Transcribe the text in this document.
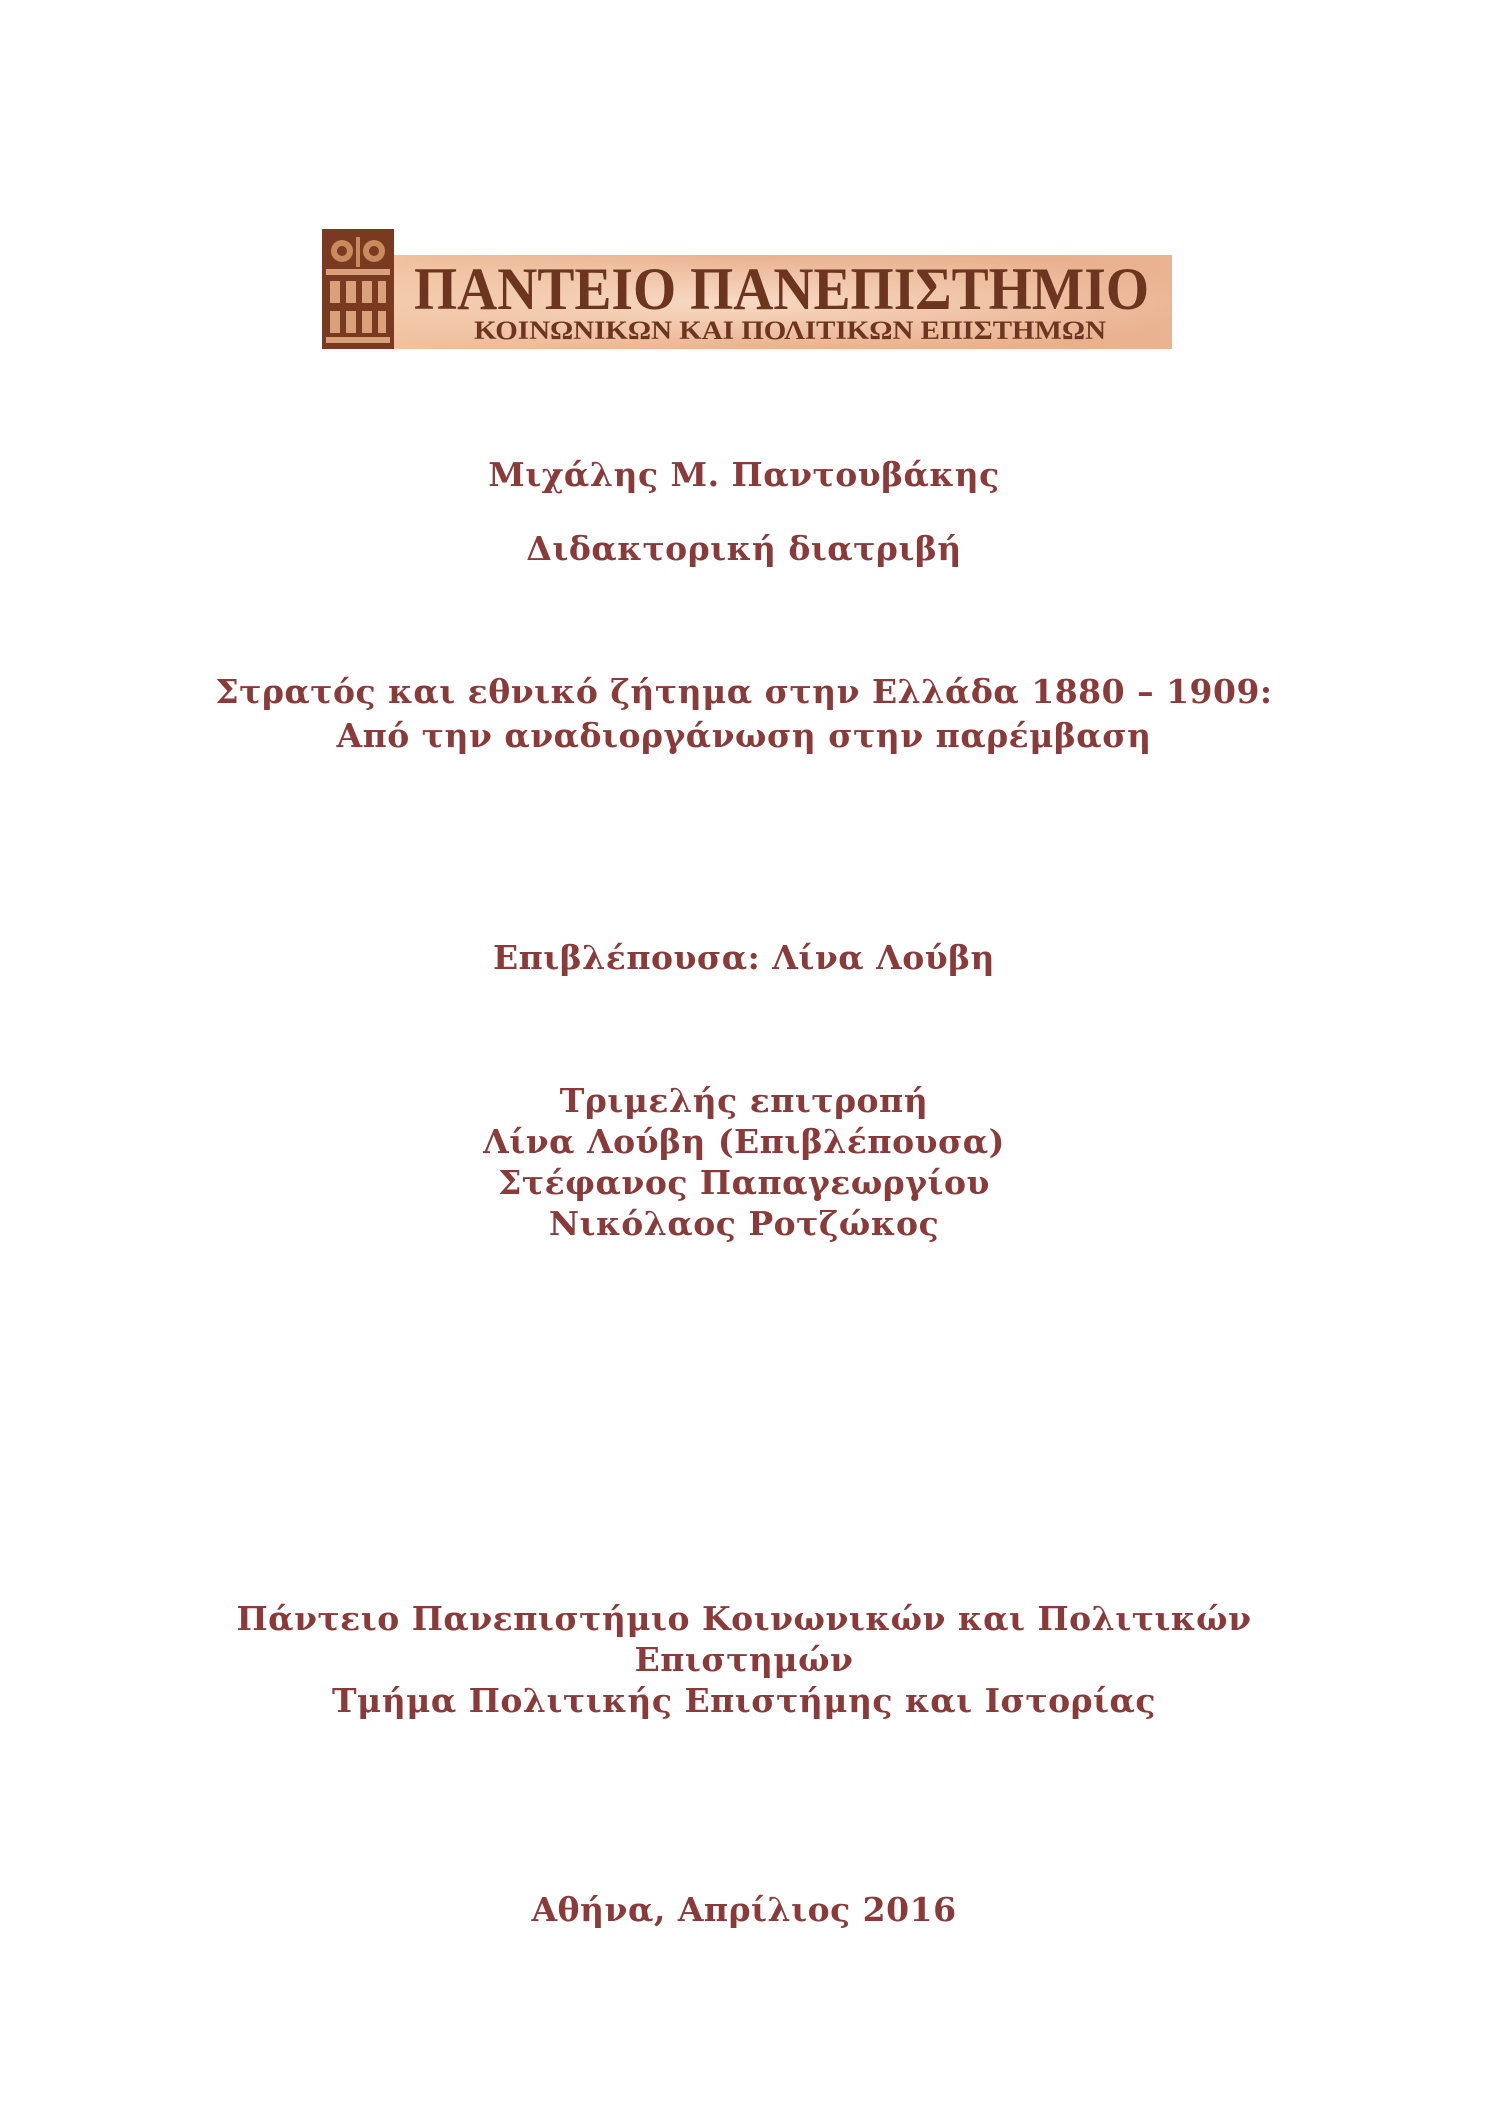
ΠΑΝΤΕΙΟ ΠΑΝΕΠΙΣΤΗΜΙΟ
ΚΟΙΝΩΝΙΚΩΝ ΚΑΙ ΠΟΛΙΤΙΚΩΝ ΕΠΙΣΤΗΜΩΝ
Μιχάλης Μ. Παντουβάκης
Διδακτορική διατριβή
Στρατός και εθνικό ζήτημα στην Ελλάδα 1880 – 1909:
Από την αναδιοργάνωση στην παρέμβαση
Επιβλέπουσα: Λίνα Λούβη
Τριμελής επιτροπή
Λίνα Λούβη (Επιβλέπουσα)
Στέφανος Παπαγεωργίου
Νικόλαος Ροτζώκος
Πάντειο Πανεπιστήμιο Κοινωνικών και Πολιτικών
Επιστημών
Τμήμα Πολιτικής Επιστήμης και Ιστορίας
Αθήνα, Απρίλιος 2016
